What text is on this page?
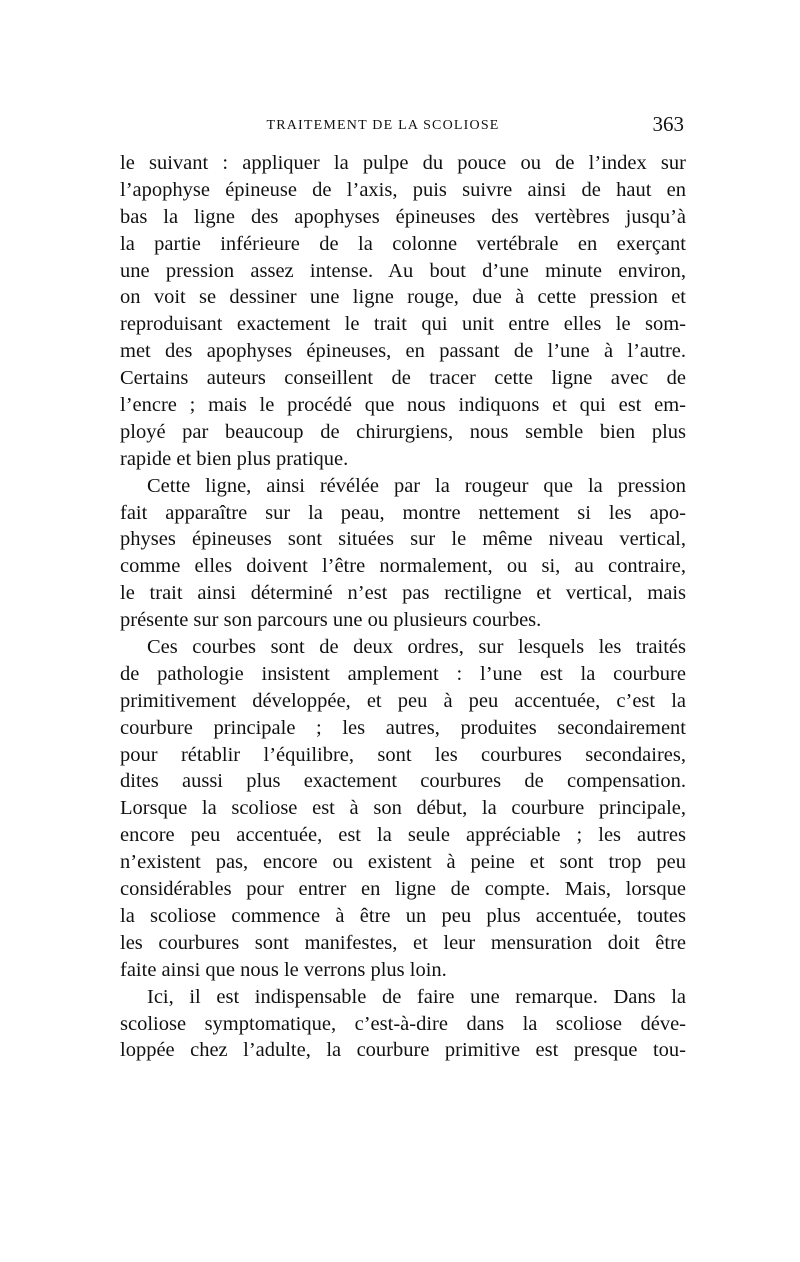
TRAITEMENT DE LA SCOLIOSE	363
le suivant : appliquer la pulpe du pouce ou de l’index sur
l’apophyse épineuse de l’axis, puis suivre ainsi de haut en
bas la ligne des apophyses épineuses des vertèbres jusqu’à
la partie inférieure de la colonne vertébrale en exerçant
une pression assez intense. Au bout d’une minute environ,
on voit se dessiner une ligne rouge, due à cette pression et
reproduisant exactement le trait qui unit entre elles le som-
met des apophyses épineuses, en passant de l’une à l’autre.
Certains auteurs conseillent de tracer cette ligne avec de
l’encre ; mais le procédé que nous indiquons et qui est em-
ployé par beaucoup de chirurgiens, nous semble bien plus
rapide et bien plus pratique.
Cette ligne, ainsi révélée par la rougeur que la pression
fait apparaître sur la peau, montre nettement si les apo-
physes épineuses sont situées sur le même niveau vertical,
comme elles doivent l’être normalement, ou si, au contraire,
le trait ainsi déterminé n’est pas rectiligne et vertical, mais
présente sur son parcours une ou plusieurs courbes.
Ces courbes sont de deux ordres, sur lesquels les traités
de pathologie insistent amplement : l’une est la courbure
primitivement développée, et peu à peu accentuée, c’est la
courbure principale ; les autres, produites secondairement
pour rétablir l’équilibre, sont les courbures secondaires,
dites aussi plus exactement courbures de compensation.
Lorsque la scoliose est à son début, la courbure principale,
encore peu accentuée, est la seule appréciable ; les autres
n’existent pas, encore ou existent à peine et sont trop peu
considérables pour entrer en ligne de compte. Mais, lorsque
la scoliose commence à être un peu plus accentuée, toutes
les courbures sont manifestes, et leur mensuration doit être
faite ainsi que nous le verrons plus loin.
Ici, il est indispensable de faire une remarque. Dans la
scoliose symptomatique, c’est-à-dire dans la scoliose déve-
loppée chez l’adulte, la courbure primitive est presque tou-
